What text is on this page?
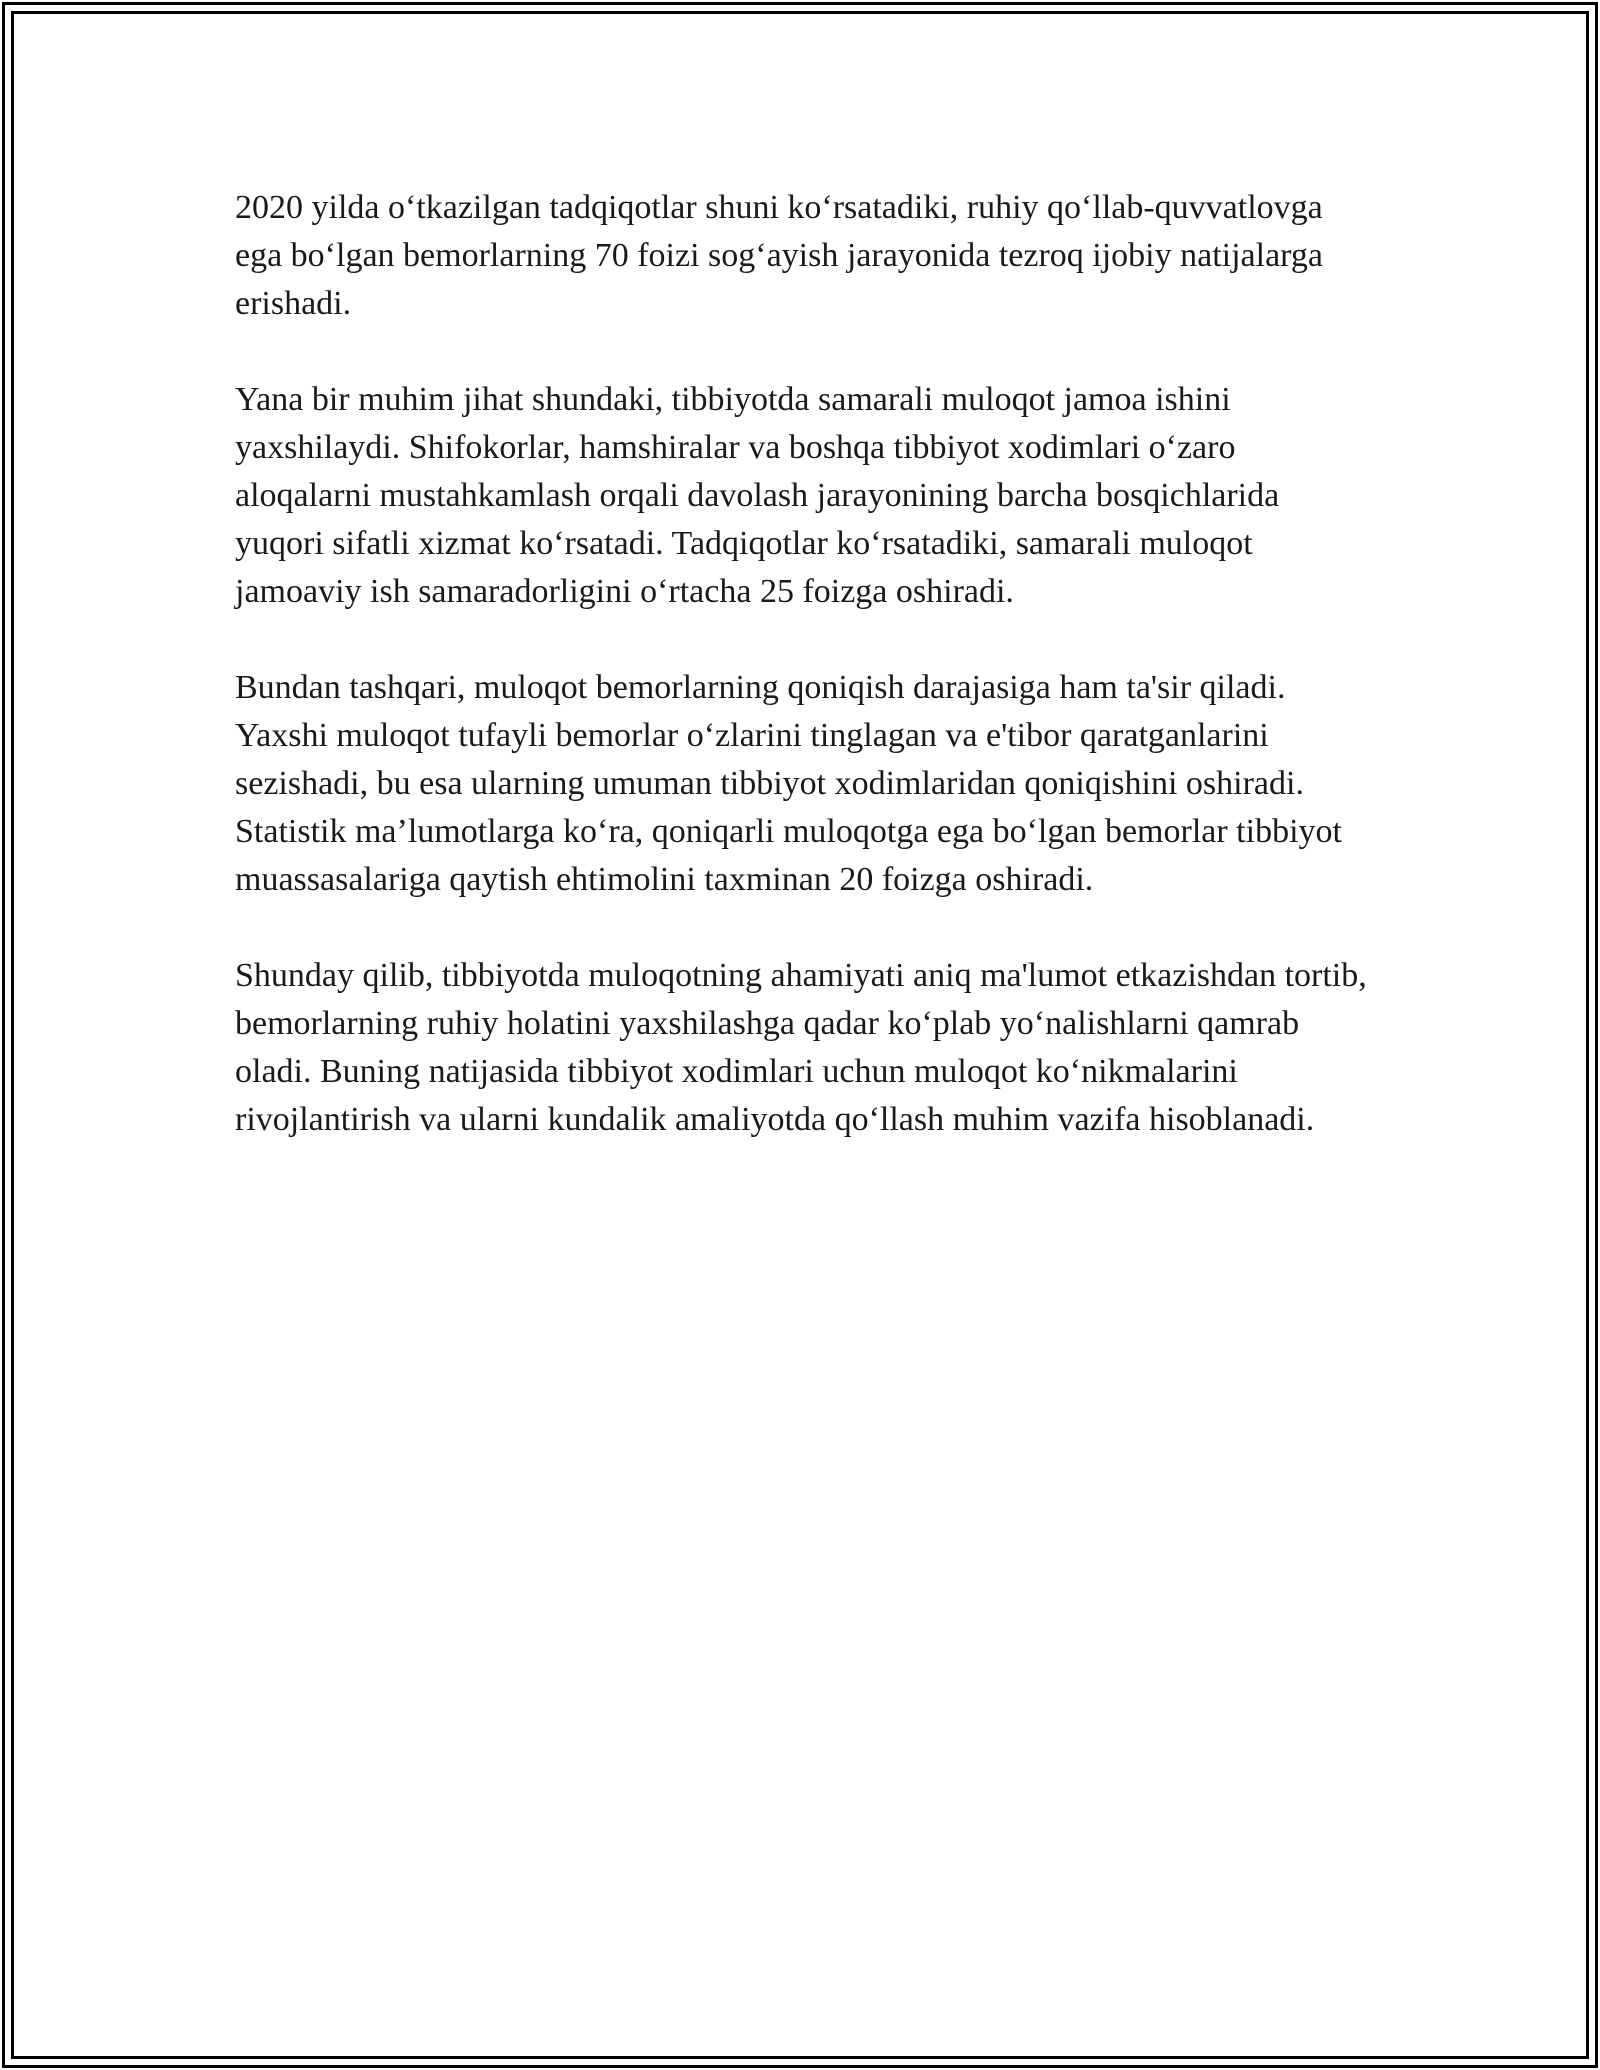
2020 yilda o‘tkazilgan tadqiqotlar shuni ko‘rsatadiki, ruhiy qo‘llab-quvvatlovga ega bo‘lgan bemorlarning 70 foizi sog‘ayish jarayonida tezroq ijobiy natijalarga erishadi.

Yana bir muhim jihat shundaki, tibbiyotda samarali muloqot jamoa ishini yaxshilaydi. Shifokorlar, hamshiralar va boshqa tibbiyot xodimlari o‘zaro aloqalarni mustahkamlash orqali davolash jarayonining barcha bosqichlarida yuqori sifatli xizmat ko‘rsatadi. Tadqiqotlar ko‘rsatadiki, samarali muloqot jamoaviy ish samaradorligini o‘rtacha 25 foizga oshiradi.

Bundan tashqari, muloqot bemorlarning qoniqish darajasiga ham ta'sir qiladi. Yaxshi muloqot tufayli bemorlar o‘zlarini tinglagan va e'tibor qaratganlarini sezishadi, bu esa ularning umuman tibbiyot xodimlaridan qoniqishini oshiradi. Statistik ma’lumotlarga ko‘ra, qoniqarli muloqotga ega bo‘lgan bemorlar tibbiyot muassasalariga qaytish ehtimolini taxminan 20 foizga oshiradi.

Shunday qilib, tibbiyotda muloqotning ahamiyati aniq ma'lumot etkazishdan tortib, bemorlarning ruhiy holatini yaxshilashga qadar ko‘plab yo‘nalishlarni qamrab oladi. Buning natijasida tibbiyot xodimlari uchun muloqot ko‘nikmalarini rivojlantirish va ularni kundalik amaliyotda qo‘llash muhim vazifa hisoblanadi.
